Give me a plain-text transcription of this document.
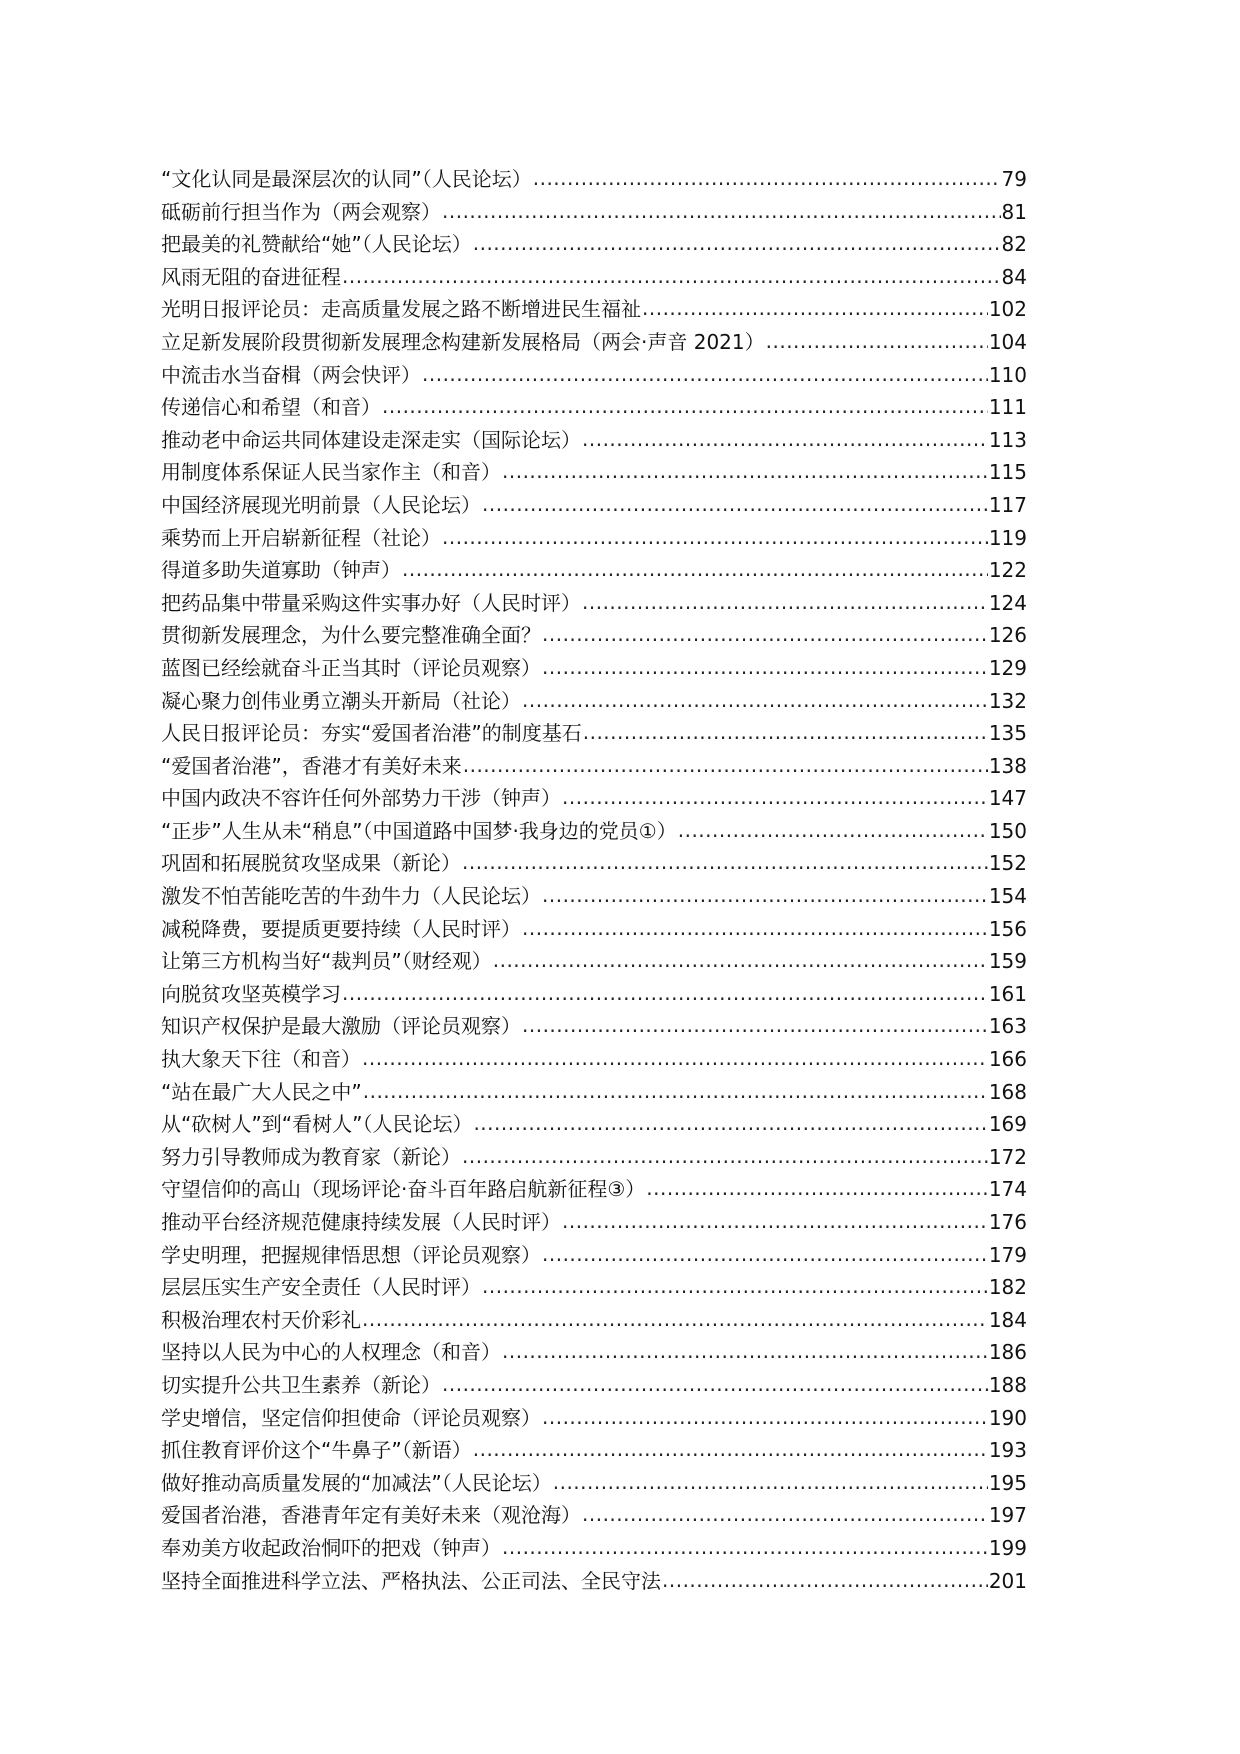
“文化认同是最深层次的认同”（人民论坛） .....	79
砥砺前行担当作为（两会观察） .....	81
把最美的礼赞献给“她”（人民论坛） .....	82
风雨无阻的奋进征程 .....	84
光明日报评论员：走高质量发展之路不断增进民生福祉 .....	102
立足新发展阶段贯彻新发展理念构建新发展格局（两会·声音 2021） .....	104
中流击水当奋楫（两会快评） .....	110
传递信心和希望（和音） .....	111
推动老中命运共同体建设走深走实（国际论坛） .....	113
用制度体系保证人民当家作主（和音） .....	115
中国经济展现光明前景（人民论坛） .....	117
乘势而上开启崭新征程（社论） .....	119
得道多助失道寡助（钟声） .....	122
把药品集中带量采购这件实事办好（人民时评） .....	124
贯彻新发展理念，为什么要完整准确全面？ .....	126
蓝图已经绘就奋斗正当其时（评论员观察） .....	129
凝心聚力创伟业勇立潮头开新局（社论） .....	132
人民日报评论员：夯实“爱国者治港”的制度基石 .....	135
“爱国者治港”，香港才有美好未来 .....	138
中国内政决不容许任何外部势力干涉（钟声） .....	147
“正步”人生从未“稍息”（中国道路中国梦·我身边的党员①） .....	150
巩固和拓展脱贫攻坚成果（新论） .....	152
激发不怕苦能吃苦的牛劲牛力（人民论坛） .....	154
减税降费，要提质更要持续（人民时评） .....	156
让第三方机构当好“裁判员”（财经观） .....	159
向脱贫攻坚英模学习 .....	161
知识产权保护是最大激励（评论员观察） .....	163
执大象天下往（和音） .....	166
“站在最广大人民之中” .....	168
从“砍树人”到“看树人”（人民论坛） .....	169
努力引导教师成为教育家（新论） .....	172
守望信仰的高山（现场评论·奋斗百年路启航新征程③） .....	174
推动平台经济规范健康持续发展（人民时评） .....	176
学史明理，把握规律悟思想（评论员观察） .....	179
层层压实生产安全责任（人民时评） .....	182
积极治理农村天价彩礼 .....	184
坚持以人民为中心的人权理念（和音） .....	186
切实提升公共卫生素养（新论） .....	188
学史增信，坚定信仰担使命（评论员观察） .....	190
抓住教育评价这个“牛鼻子”（新语） .....	193
做好推动高质量发展的“加减法”（人民论坛） .....	195
爱国者治港，香港青年定有美好未来（观沧海） .....	197
奉劝美方收起政治恫吓的把戏（钟声） .....	199
坚持全面推进科学立法、严格执法、公正司法、全民守法 .....	201
